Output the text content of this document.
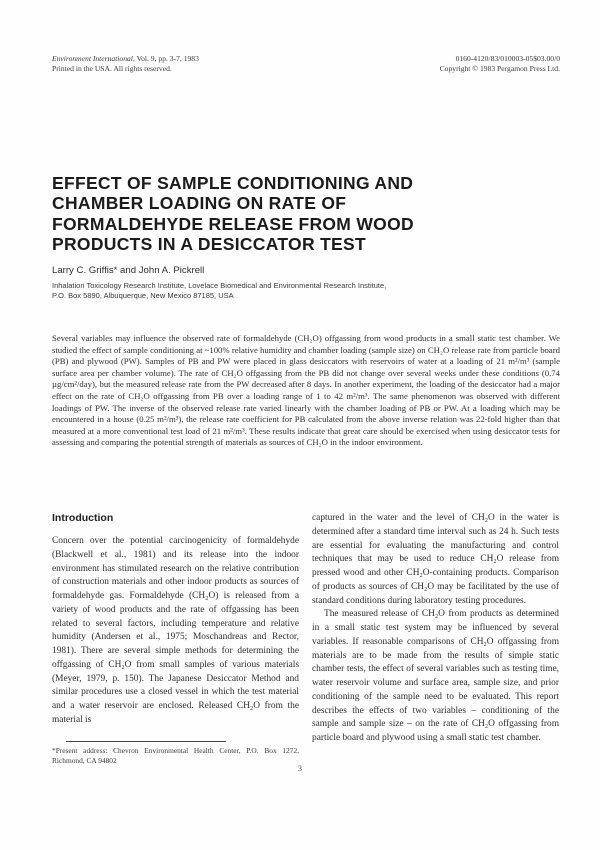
Environment International, Vol. 9, pp. 3-7, 1983
Printed in the USA. All rights reserved.
0160-4120/83/010003-05$03.00/0
Copyright © 1983 Pergamon Press Ltd.
EFFECT OF SAMPLE CONDITIONING AND
CHAMBER LOADING ON RATE OF
FORMALDEHYDE RELEASE FROM WOOD
PRODUCTS IN A DESICCATOR TEST
Larry C. Griffis* and John A. Pickrell
Inhalation Toxicology Research Institute, Lovelace Biomedical and Environmental Research Institute,
P.O. Box 5890, Albuquerque, New Mexico 87185, USA
Several variables may influence the observed rate of formaldehyde (CH₂O) offgassing from wood products in a small static test chamber. We studied the effect of sample conditioning at ~100% relative humidity and chamber loading (sample size) on CH₂O release rate from particle board (PB) and plywood (PW). Samples of PB and PW were placed in glass desiccators with reservoirs of water at a loading of 21 m²/m³ (sample surface area per chamber volume). The rate of CH₂O offgassing from the PB did not change over several weeks under these conditions (0.74 µg/cm²/day), but the measured release rate from the PW decreased after 8 days. In another experiment, the loading of the desiccator had a major effect on the rate of CH₂O offgassing from PB over a loading range of 1 to 42 m²/m³. The same phenomenon was observed with different loadings of PW. The inverse of the observed release rate varied linearly with the chamber loading of PB or PW. At a loading which may be encountered in a house (0.25 m²/m³), the release rate coefficient for PB calculated from the above inverse relation was 22-fold higher than that measured at a more conventional test load of 21 m²/m³. These results indicate that great care should be exercised when using desiccator tests for assessing and comparing the potential strength of materials as sources of CH₂O in the indoor environment.
Introduction

Concern over the potential carcinogenicity of formaldehyde (Blackwell et al., 1981) and its release into the indoor environment has stimulated research on the relative contribution of construction materials and other indoor products as sources of formaldehyde gas. Formaldehyde (CH₂O) is released from a variety of wood products and the rate of offgassing has been related to several factors, including temperature and relative humidity (Andersen et al., 1975; Moschandreas and Rector, 1981). There are several simple methods for determining the offgassing of CH₂O from small samples of various materials (Meyer, 1979, p. 150). The Japanese Desiccator Method and similar procedures use a closed vessel in which the test material and a water reservoir are enclosed. Released CH₂O from the material is

captured in the water and the level of CH₂O in the water is determined after a standard time interval such as 24 h. Such tests are essential for evaluating the manufacturing and control techniques that may be used to reduce CH₂O release from pressed wood and other CH₂O-containing products. Comparison of products as sources of CH₂O may be facilitated by the use of standard conditions during laboratory testing procedures.

The measured release of CH₂O from products as determined in a small static test system may be influenced by several variables. If reasonable comparisons of CH₂O offgassing from materials are to be made from the results of simple static chamber tests, the effect of several variables such as testing time, water reservoir volume and surface area, sample size, and prior conditioning of the sample need to be evaluated. This report describes the effects of two variables – conditioning of the sample and sample size – on the rate of CH₂O offgassing from particle board and plywood using a small static test chamber.

*Present address: Chevron Environmental Health Center, P.O. Box 1272, Richmond, CA 94802
3
